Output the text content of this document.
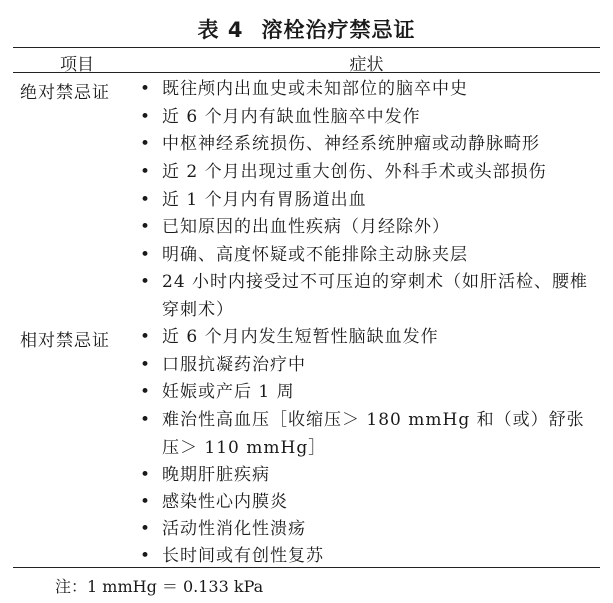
表 4 溶栓治疗禁忌证
项目	症状
绝对禁忌证 • 既往颅内出血史或未知部位的脑卒中史
• 近 6 个月内有缺血性脑卒中发作
• 中枢神经系统损伤、神经系统肿瘤或动静脉畸形
• 近 2 个月出现过重大创伤、外科手术或头部损伤
• 近 1 个月内有胃肠道出血
• 已知原因的出血性疾病（月经除外）
• 明确、高度怀疑或不能排除主动脉夹层
• 24 小时内接受过不可压迫的穿刺术（如肝活检、腰椎穿刺术）
相对禁忌证 • 近 6 个月内发生短暂性脑缺血发作
• 口服抗凝药治疗中
• 妊娠或产后 1 周
• 难治性高血压［收缩压＞ 180 mmHg 和（或）舒张压＞ 110 mmHg］
• 晚期肝脏疾病
• 感染性心内膜炎
• 活动性消化性溃疡
• 长时间或有创性复苏
注：1 mmHg ＝ 0.133 kPa
